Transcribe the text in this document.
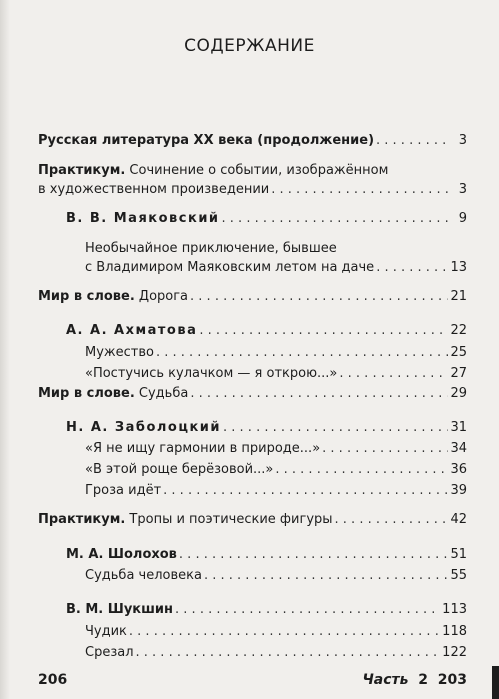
СОДЕРЖАНИЕ
Русская литература XX века (продолжение) . . .	3
Практикум. Сочинение о событии, изображённом
в художественном произведении . . .	3
В. В. Маяковский . . .	9
Необычайное приключение, бывшее
с Владимиром Маяковским летом на даче . . .	13
Мир в слове. Дорога . . .	21
А. А. Ахматова . . .	22
Мужество . . .	25
«Постучись кулачком — я открою...» . . .	27
Мир в слове. Судьба . . .	29
Н. А. Заболоцкий . . .	31
«Я не ищу гармонии в природе...» . . .	34
«В этой роще берёзовой...» . . .	36
Гроза идёт . . .	39
Практикум. Тропы и поэтические фигуры . . .	42
М. А. Шолохов . . .	51
Судьба человека . . .	55
В. М. Шукшин . . .	113
Чудик . . .	118
Срезал . . .	122
206	Часть 2 203
